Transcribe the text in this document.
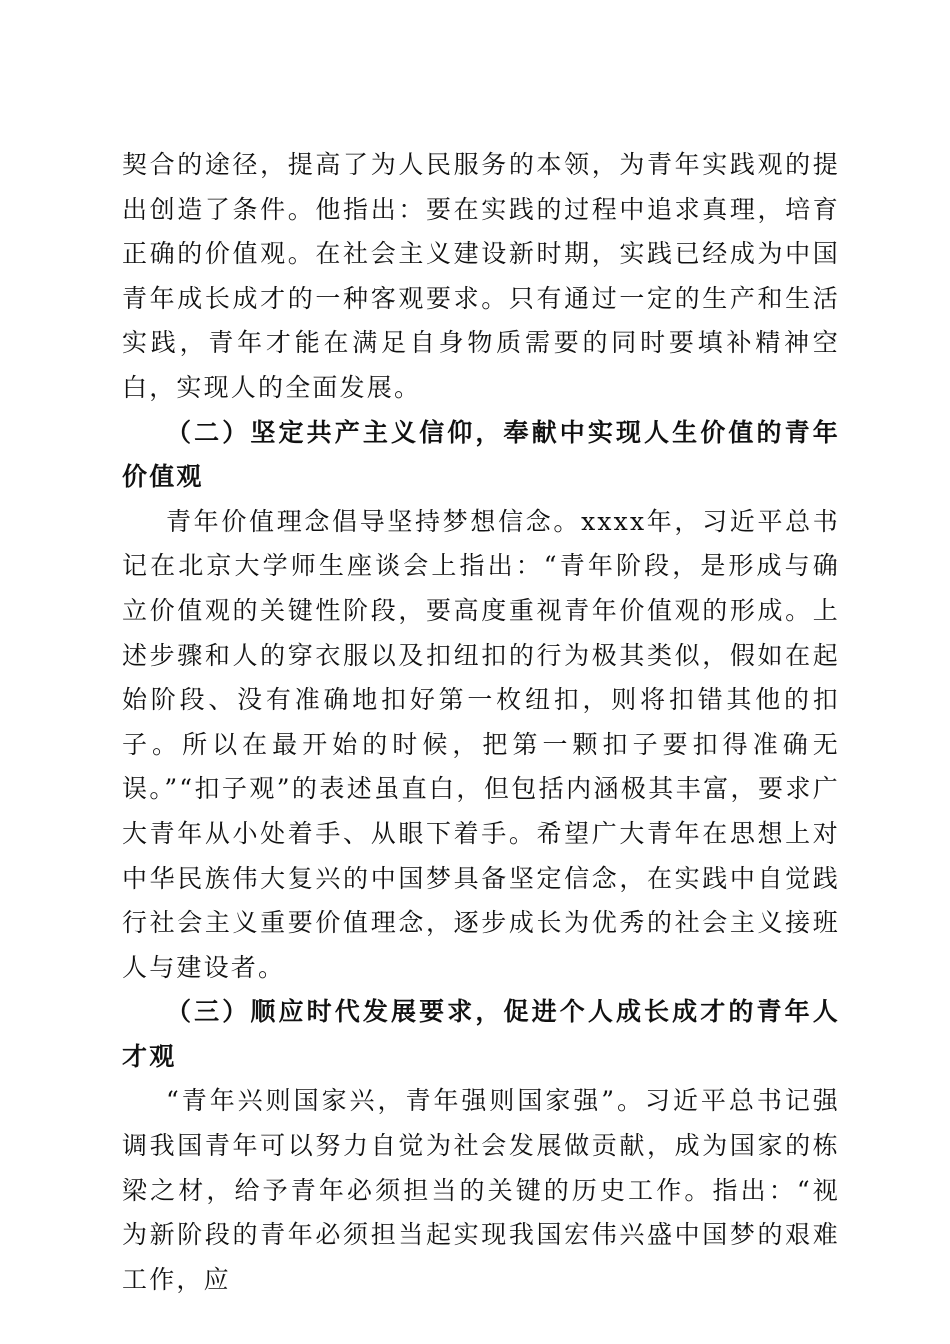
契合的途径，提高了为人民服务的本领，为青年实践观的提出创造了条件。他指出：要在实践的过程中追求真理，培育正确的价值观。在社会主义建设新时期，实践已经成为中国青年成长成才的一种客观要求。只有通过一定的生产和生活实践，青年才能在满足自身物质需要的同时要填补精神空白，实现人的全面发展。

（二）坚定共产主义信仰，奉献中实现人生价值的青年价值观

青年价值理念倡导坚持梦想信念。xxxx年，习近平总书记在北京大学师生座谈会上指出：“青年阶段，是形成与确立价值观的关键性阶段，要高度重视青年价值观的形成。上述步骤和人的穿衣服以及扣纽扣的行为极其类似，假如在起始阶段、没有准确地扣好第一枚纽扣，则将扣错其他的扣子。所以在最开始的时候，把第一颗扣子要扣得准确无误。”“扣子观”的表述虽直白，但包括内涵极其丰富，要求广大青年从小处着手、从眼下着手。希望广大青年在思想上对中华民族伟大复兴的中国梦具备坚定信念，在实践中自觉践行社会主义重要价值理念，逐步成长为优秀的社会主义接班人与建设者。

（三）顺应时代发展要求，促进个人成长成才的青年人才观

“青年兴则国家兴，青年强则国家强”。习近平总书记强调我国青年可以努力自觉为社会发展做贡献，成为国家的栋梁之材，给予青年必须担当的关键的历史工作。指出：“视为新阶段的青年必须担当起实现我国宏伟兴盛中国梦的艰难工作，应
